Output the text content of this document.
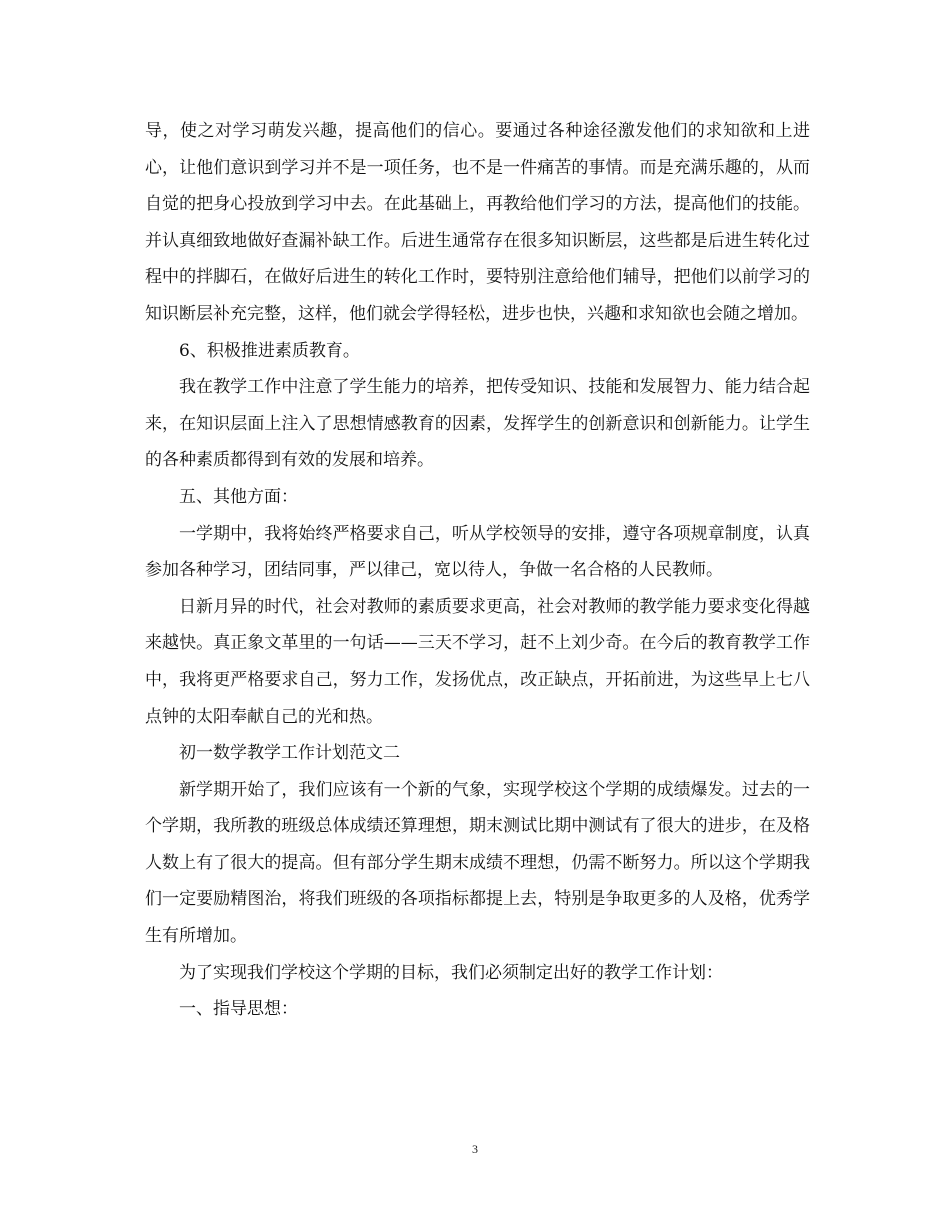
导，使之对学习萌发兴趣，提高他们的信心。要通过各种途径激发他们的求知欲和上进心，让他们意识到学习并不是一项任务，也不是一件痛苦的事情。而是充满乐趣的，从而自觉的把身心投放到学习中去。在此基础上，再教给他们学习的方法，提高他们的技能。并认真细致地做好查漏补缺工作。后进生通常存在很多知识断层，这些都是后进生转化过程中的拌脚石，在做好后进生的转化工作时，要特别注意给他们辅导，把他们以前学习的知识断层补充完整，这样，他们就会学得轻松，进步也快，兴趣和求知欲也会随之增加。

6、积极推进素质教育。

我在教学工作中注意了学生能力的培养，把传受知识、技能和发展智力、能力结合起来，在知识层面上注入了思想情感教育的因素，发挥学生的创新意识和创新能力。让学生的各种素质都得到有效的发展和培养。

五、其他方面：

一学期中，我将始终严格要求自己，听从学校领导的安排，遵守各项规章制度，认真参加各种学习，团结同事，严以律己，宽以待人，争做一名合格的人民教师。

日新月异的时代，社会对教师的素质要求更高，社会对教师的教学能力要求变化得越来越快。真正象文革里的一句话——三天不学习，赶不上刘少奇。在今后的教育教学工作中，我将更严格要求自己，努力工作，发扬优点，改正缺点，开拓前进，为这些早上七八点钟的太阳奉献自己的光和热。

初一数学教学工作计划范文二

新学期开始了，我们应该有一个新的气象，实现学校这个学期的成绩爆发。过去的一个学期，我所教的班级总体成绩还算理想，期末测试比期中测试有了很大的进步，在及格人数上有了很大的提高。但有部分学生期末成绩不理想，仍需不断努力。所以这个学期我们一定要励精图治，将我们班级的各项指标都提上去，特别是争取更多的人及格，优秀学生有所增加。

为了实现我们学校这个学期的目标，我们必须制定出好的教学工作计划：

一、指导思想：

3
